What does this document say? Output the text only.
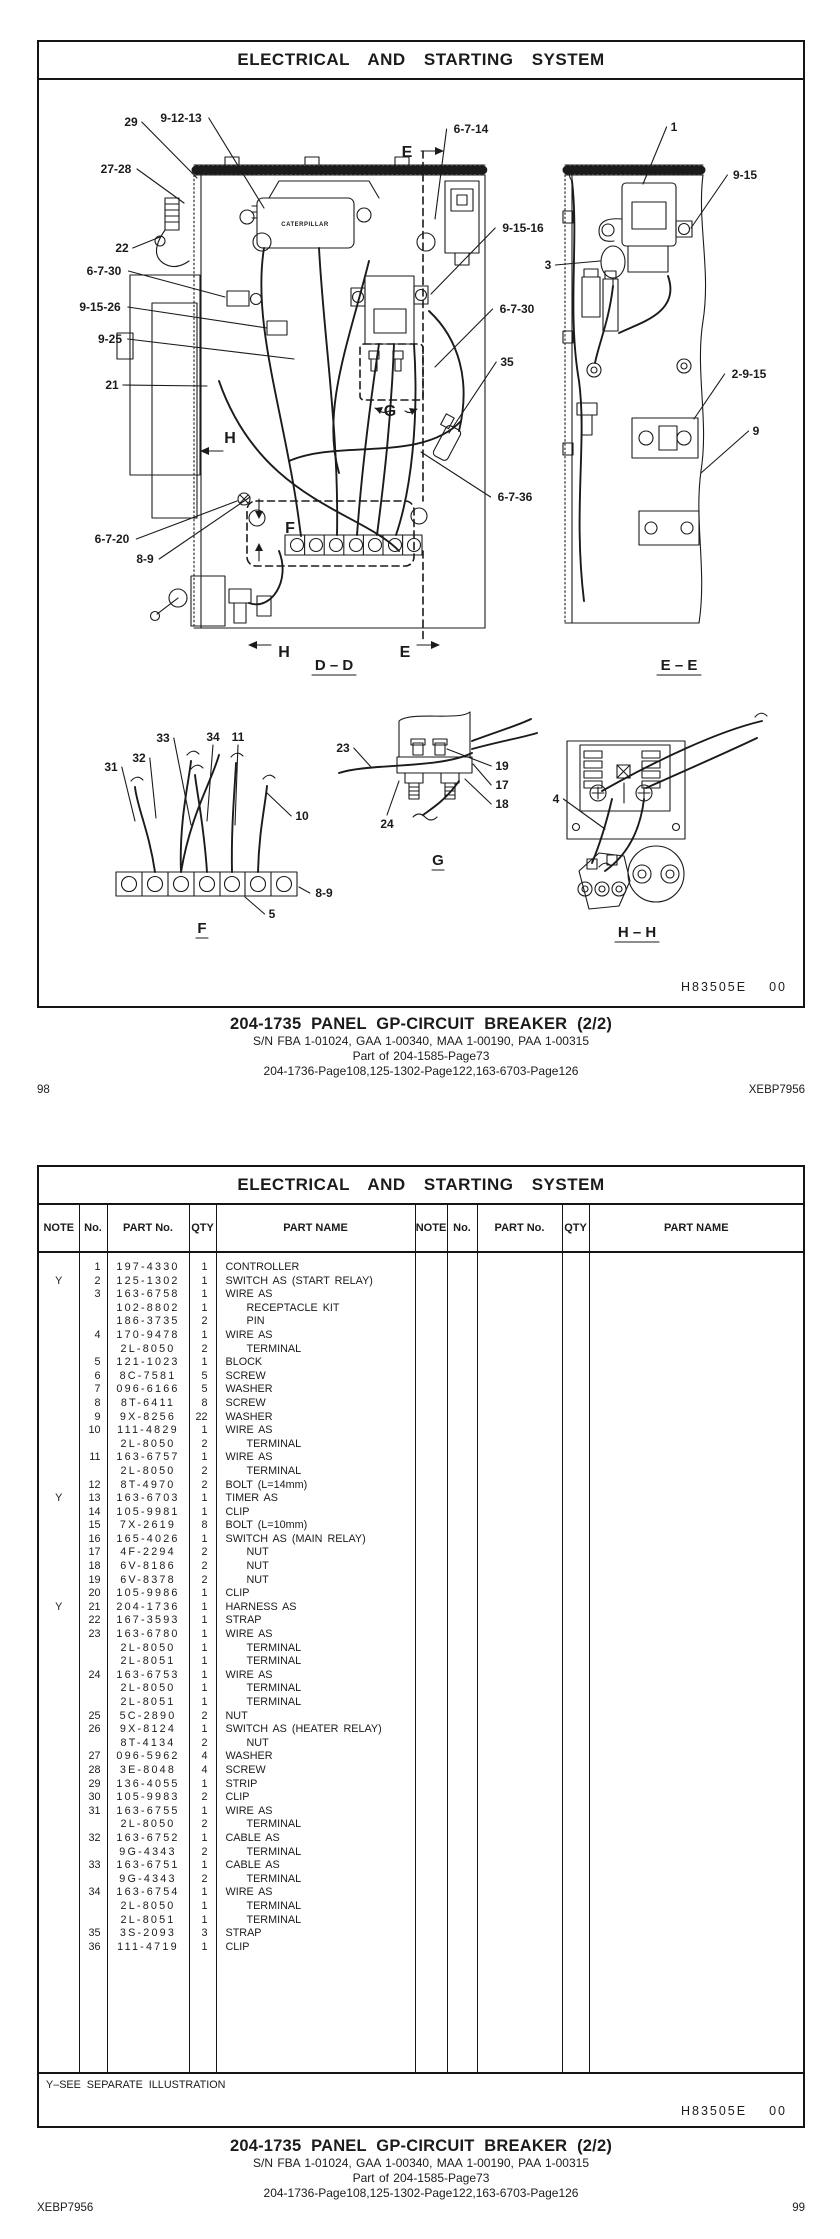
ELECTRICAL AND STARTING SYSTEM
29 9-12-13
27-28
22
6-7-30
9-15-26
9-25
21
6-7-20
8-9
6-7-14
9-15-16
6-7-30
35
6-7-36
1
9-15
3
2-9-15
9
31
32
33	34 11
10
8-9
5
23
19
17
18
24
4
E
H
H	E
F
G
D – D	E – E
F
G
H – H
CATERPILLAR
H83505E 00
204-1735 PANEL GP-CIRCUIT BREAKER (2/2)
S/N FBA 1-01024, GAA 1-00340, MAA 1-00190, PAA 1-00315
Part of 204-1585-Page73
204-1736-Page108,125-1302-Page122,163-6703-Page126
98	XEBP7956
ELECTRICAL AND STARTING SYSTEM
NOTE	No.	PART No.	QTY	PART NAME	NOTE	No.	PART No.	QTY	PART NAME

	1	197-4330	1	CONTROLLER					
Y	2	125-1302	1	SWITCH AS (START RELAY)					
	3	163-6758	1	WIRE AS					
		102-8802	1	RECEPTACLE KIT					
		186-3735	2	PIN					
	4	170-9478	1	WIRE AS					
		2L-8050	2	TERMINAL					
	5	121-1023	1	BLOCK					
	6	8C-7581	5	SCREW					
	7	096-6166	5	WASHER					
	8	8T-6411	8	SCREW					
	9	9X-8256	22	WASHER					
	10	111-4829	1	WIRE AS					
		2L-8050	2	TERMINAL					
	11	163-6757	1	WIRE AS					
		2L-8050	2	TERMINAL					
	12	8T-4970	2	BOLT (L=14mm)					
Y	13	163-6703	1	TIMER AS					
	14	105-9981	1	CLIP					
	15	7X-2619	8	BOLT (L=10mm)					
	16	165-4026	1	SWITCH AS (MAIN RELAY)					
	17	4F-2294	2	NUT					
	18	6V-8186	2	NUT					
	19	6V-8378	2	NUT					
	20	105-9986	1	CLIP					
Y	21	204-1736	1	HARNESS AS					
	22	167-3593	1	STRAP					
	23	163-6780	1	WIRE AS					
		2L-8050	1	TERMINAL					
		2L-8051	1	TERMINAL					
	24	163-6753	1	WIRE AS					
		2L-8050	1	TERMINAL					
		2L-8051	1	TERMINAL					
	25	5C-2890	2	NUT					
	26	9X-8124	1	SWITCH AS (HEATER RELAY)					
		8T-4134	2	NUT					
	27	096-5962	4	WASHER					
	28	3E-8048	4	SCREW					
	29	136-4055	1	STRIP					
	30	105-9983	2	CLIP					
	31	163-6755	1	WIRE AS					
		2L-8050	2	TERMINAL					
	32	163-6752	1	CABLE AS					
		9G-4343	2	TERMINAL					
	33	163-6751	1	CABLE AS					
		9G-4343	2	TERMINAL					
	34	163-6754	1	WIRE AS					
		2L-8050	1	TERMINAL					
		2L-8051	1	TERMINAL					
	35	3S-2093	3	STRAP					
	36	111-4719	1	CLIP					

Y–SEE SEPARATE ILLUSTRATION
H83505E 00
204-1735 PANEL GP-CIRCUIT BREAKER (2/2)
S/N FBA 1-01024, GAA 1-00340, MAA 1-00190, PAA 1-00315
Part of 204-1585-Page73
204-1736-Page108,125-1302-Page122,163-6703-Page126
XEBP7956	99
